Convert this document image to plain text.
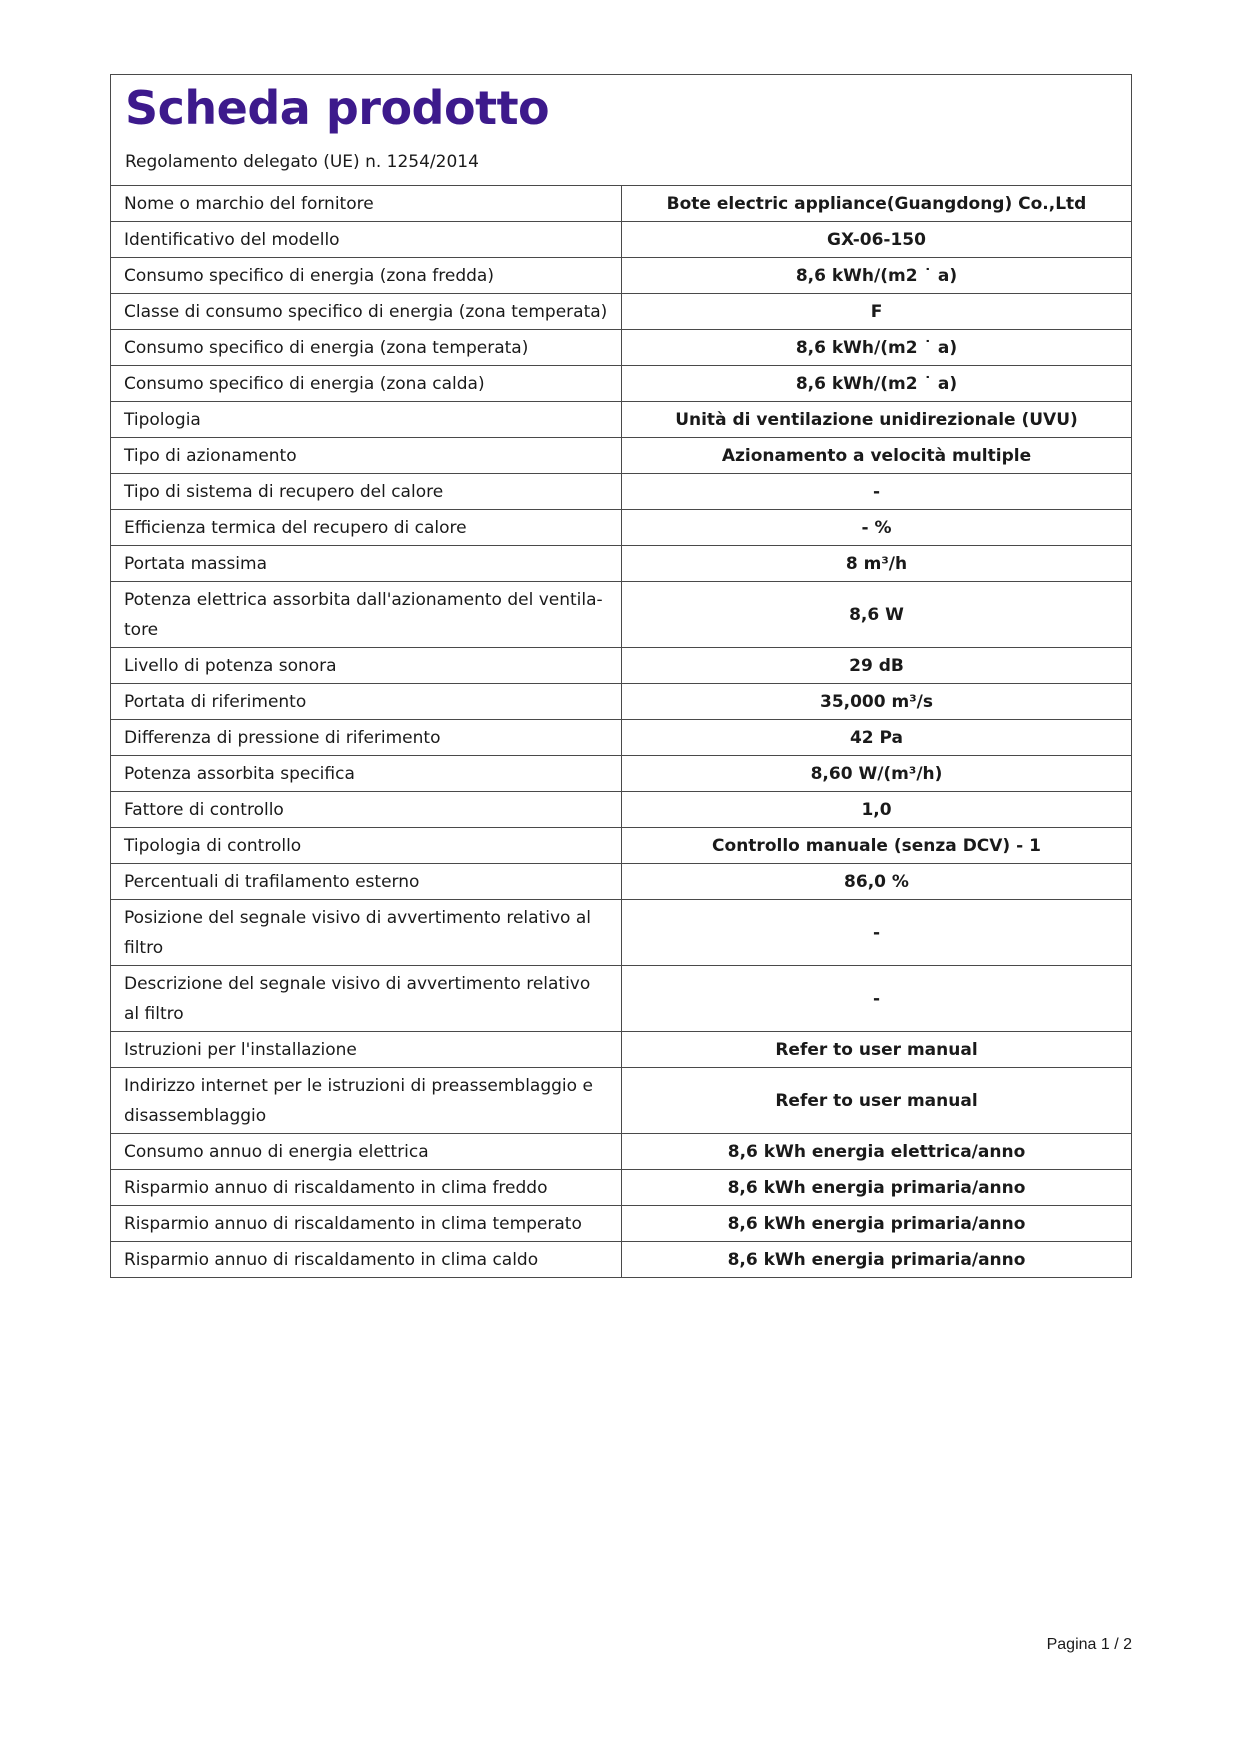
Scheda prodotto
Regolamento delegato (UE) n. 1254/2014
Nome o marchio del fornitore	Bote electric appliance(Guangdong) Co.,Ltd
Identificativo del modello	GX-06-150
Consumo specifico di energia (zona fredda)	8,6 kWh/(m2 ˙ a)
Classe di consumo specifico di energia (zona temperata)	F
Consumo specifico di energia (zona temperata)	8,6 kWh/(m2 ˙ a)
Consumo specifico di energia (zona calda)	8,6 kWh/(m2 ˙ a)
Tipologia	Unità di ventilazione unidirezionale (UVU)
Tipo di azionamento	Azionamento a velocità multiple
Tipo di sistema di recupero del calore	-
Efficienza termica del recupero di calore	- %
Portata massima	8 m³/h
Potenza elettrica assorbita dall'azionamento del ventila-tore	8,6 W
Livello di potenza sonora	29 dB
Portata di riferimento	35,000 m³/s
Differenza di pressione di riferimento	42 Pa
Potenza assorbita specifica	8,60 W/(m³/h)
Fattore di controllo	1,0
Tipologia di controllo	Controllo manuale (senza DCV) - 1
Percentuali di trafilamento esterno	86,0 %
Posizione del segnale visivo di avvertimento relativo al filtro	-
Descrizione del segnale visivo di avvertimento relativo al filtro	-
Istruzioni per l'installazione	Refer to user manual
Indirizzo internet per le istruzioni di preassemblaggio e disassemblaggio	Refer to user manual
Consumo annuo di energia elettrica	8,6 kWh energia elettrica/anno
Risparmio annuo di riscaldamento in clima freddo	8,6 kWh energia primaria/anno
Risparmio annuo di riscaldamento in clima temperato	8,6 kWh energia primaria/anno
Risparmio annuo di riscaldamento in clima caldo	8,6 kWh energia primaria/anno
Pagina 1 / 2
